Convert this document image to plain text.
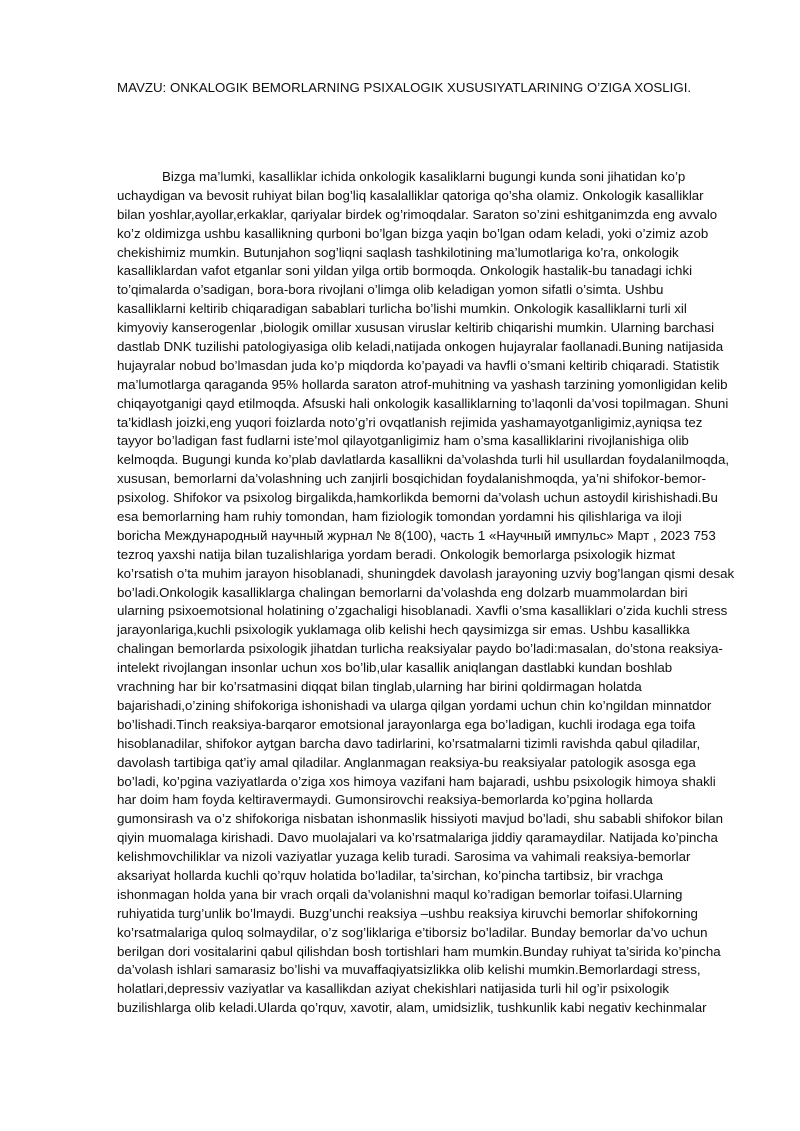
MAVZU: ONKALOGIK BEMORLARNING PSIXALOGIK XUSUSIYATLARINING O’ZIGA XOSLIGI.
Bizga ma’lumki, kasalliklar ichida onkologik kasaliklarni bugungi kunda soni jihatidan ko’p
uchaydigan va bevosit ruhiyat bilan bog’liq kasalalliklar qatoriga qo’sha olamiz. Onkologik kasalliklar
bilan yoshlar,ayollar,erkaklar, qariyalar birdek og’rimoqdalar. Saraton so’zini eshitganimzda eng avvalo
ko’z oldimizga ushbu kasallikning qurboni bo’lgan bizga yaqin bo’lgan odam keladi, yoki o’zimiz azob
chekishimiz mumkin. Butunjahon sog’liqni saqlash tashkilotining ma’lumotlariga ko’ra, onkologik
kasalliklardan vafot etganlar soni yildan yilga ortib bormoqda. Onkologik hastalik-bu tanadagi ichki
to’qimalarda o’sadigan, bora-bora rivojlani o’limga olib keladigan yomon sifatli o’simta. Ushbu
kasalliklarni keltirib chiqaradigan sabablari turlicha bo’lishi mumkin. Onkologik kasalliklarni turli xil
kimyoviy kanserogenlar ,biologik omillar xususan viruslar keltirib chiqarishi mumkin. Ularning barchasi
dastlab DNK tuzilishi patologiyasiga olib keladi,natijada onkogen hujayralar faollanadi.Buning natijasida
hujayralar nobud bo’lmasdan juda ko’p miqdorda ko’payadi va havfli o’smani keltirib chiqaradi. Statistik
ma’lumotlarga qaraganda 95% hollarda saraton atrof-muhitning va yashash tarzining yomonligidan kelib
chiqayotganigi qayd etilmoqda. Afsuski hali onkologik kasalliklarning to’laqonli da’vosi topilmagan. Shuni
ta’kidlash joizki,eng yuqori foizlarda noto’g’ri ovqatlanish rejimida yashamayotganligimiz,ayniqsa tez
tayyor bo’ladigan fast fudlarni iste’mol qilayotganligimiz ham o’sma kasalliklarini rivojlanishiga olib
kelmoqda. Bugungi kunda ko’plab davlatlarda kasallikni da’volashda turli hil usullardan foydalanilmoqda,
xususan, bemorlarni da’volashning uch zanjirli bosqichidan foydalanishmoqda, ya’ni shifokor-bemor-
psixolog. Shifokor va psixolog birgalikda,hamkorlikda bemorni da’volash uchun astoydil kirishishadi.Bu
esa bemorlarning ham ruhiy tomondan, ham fiziologik tomondan yordamni his qilishlariga va iloji
boricha Международный научный журнал № 8(100), часть 1 «Научный импульс» Март , 2023 753
tezroq yaxshi natija bilan tuzalishlariga yordam beradi. Onkologik bemorlarga psixologik hizmat
ko’rsatish o’ta muhim jarayon hisoblanadi, shuningdek davolash jarayoning uzviy bog’langan qismi desak
bo’ladi.Onkologik kasalliklarga chalingan bemorlarni da’volashda eng dolzarb muammolardan biri
ularning psixoemotsional holatining o’zgachaligi hisoblanadi. Xavfli o’sma kasalliklari o’zida kuchli stress
jarayonlariga,kuchli psixologik yuklamaga olib kelishi hech qaysimizga sir emas. Ushbu kasallikka
chalingan bemorlarda psixologik jihatdan turlicha reaksiyalar paydo bo’ladi:masalan, do’stona reaksiya-
intelekt rivojlangan insonlar uchun xos bo’lib,ular kasallik aniqlangan dastlabki kundan boshlab
vrachning har bir ko’rsatmasini diqqat bilan tinglab,ularning har birini qoldirmagan holatda
bajarishadi,o’zining shifokoriga ishonishadi va ularga qilgan yordami uchun chin ko’ngildan minnatdor
bo’lishadi.Tinch reaksiya-barqaror emotsional jarayonlarga ega bo’ladigan, kuchli irodaga ega toifa
hisoblanadilar, shifokor aytgan barcha davo tadirlarini, ko’rsatmalarni tizimli ravishda qabul qiladilar,
davolash tartibiga qat’iy amal qiladilar. Anglanmagan reaksiya-bu reaksiyalar patologik asosga ega
bo’ladi, ko’pgina vaziyatlarda o’ziga xos himoya vazifani ham bajaradi, ushbu psixologik himoya shakli
har doim ham foyda keltiravermaydi. Gumonsirovchi reaksiya-bemorlarda ko’pgina hollarda
gumonsirash va o’z shifokoriga nisbatan ishonmaslik hissiyoti mavjud bo’ladi, shu sababli shifokor bilan
qiyin muomalaga kirishadi. Davo muolajalari va ko’rsatmalariga jiddiy qaramaydilar. Natijada ko’pincha
kelishmovchiliklar va nizoli vaziyatlar yuzaga kelib turadi. Sarosima va vahimali reaksiya-bemorlar
aksariyat hollarda kuchli qo’rquv holatida bo’ladilar, ta’sirchan, ko’pincha tartibsiz, bir vrachga
ishonmagan holda yana bir vrach orqali da’volanishni maqul ko’radigan bemorlar toifasi.Ularning
ruhiyatida turg’unlik bo’lmaydi. Buzg’unchi reaksiya –ushbu reaksiya kiruvchi bemorlar shifokorning
ko’rsatmalariga quloq solmaydilar, o’z sog’liklariga e’tiborsiz bo’ladilar. Bunday bemorlar da’vo uchun
berilgan dori vositalarini qabul qilishdan bosh tortishlari ham mumkin.Bunday ruhiyat ta’sirida ko’pincha
da’volash ishlari samarasiz bo’lishi va muvaffaqiyatsizlikka olib kelishi mumkin.Bemorlardagi stress,
holatlari,depressiv vaziyatlar va kasallikdan aziyat chekishlari natijasida turli hil og’ir psixologik
buzilishlarga olib keladi.Ularda qo’rquv, xavotir, alam, umidsizlik, tushkunlik kabi negativ kechinmalar
